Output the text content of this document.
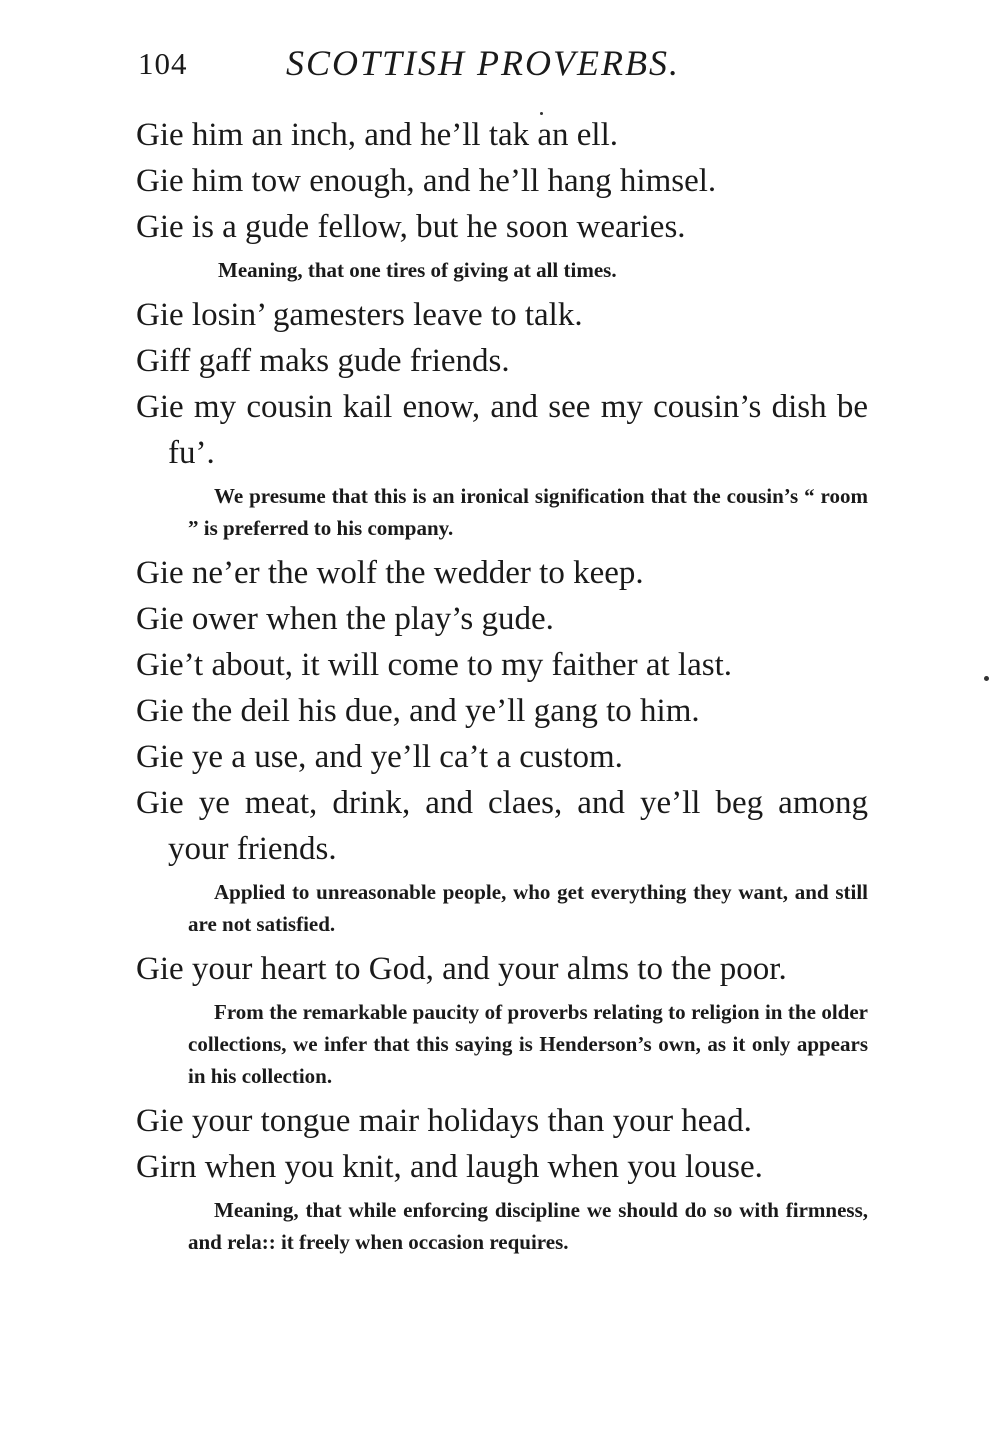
104	SCOTTISH PROVERBS.
Gie him an inch, and he’ll tak an ell.
Gie him tow enough, and he’ll hang himsel.
Gie is a gude fellow, but he soon wearies.
Meaning, that one tires of giving at all times.
Gie losin’ gamesters leave to talk.
Giff gaff maks gude friends.
Gie my cousin kail enow, and see my cousin’s dish be fu’.
We presume that this is an ironical signification that the cousin’s “ room ” is preferred to his company.
Gie ne’er the wolf the wedder to keep.
Gie ower when the play’s gude.
Gie’t about, it will come to my faither at last.
Gie the deil his due, and ye’ll gang to him.
Gie ye a use, and ye’ll ca’t a custom.
Gie ye meat, drink, and claes, and ye’ll beg among your friends.
Applied to unreasonable people, who get everything they want, and still are not satisfied.
Gie your heart to God, and your alms to the poor.
From the remarkable paucity of proverbs relating to religion in the older collections, we infer that this saying is Henderson’s own, as it only appears in his collection.
Gie your tongue mair holidays than your head.
Girn when you knit, and laugh when you louse.
Meaning, that while enforcing discipline we should do so with firmness, and rela:: it freely when occasion requires.
